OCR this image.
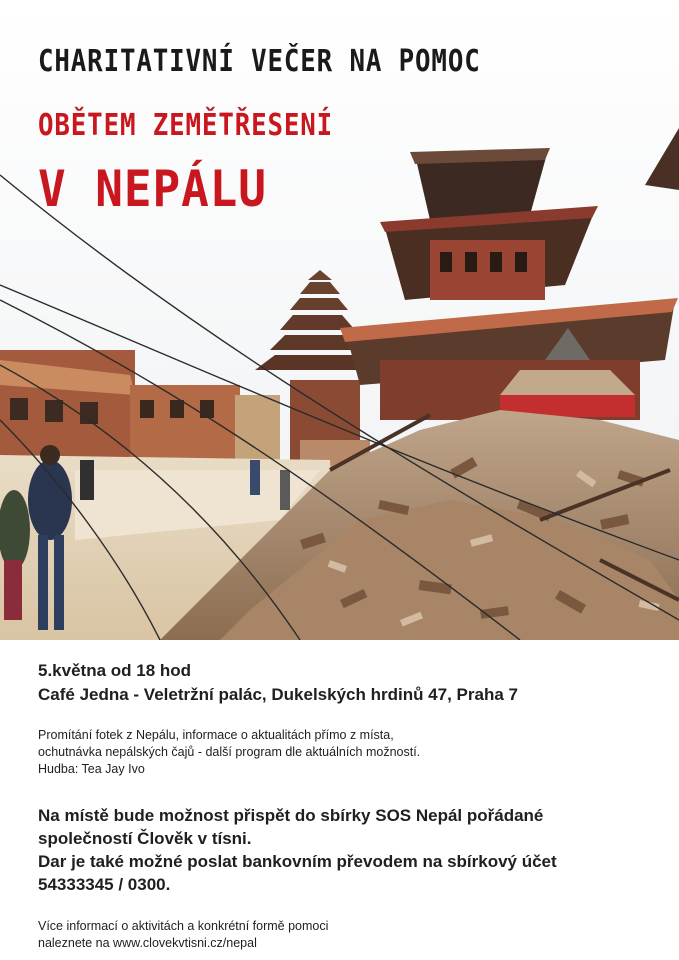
CHARITATIVNÍ VEČER NA POMOC
OBĚTEM ZEMĚTŘESENÍ
V NEPÁLU

5.května od 18 hod

Café Jedna - Veletržní palác, Dukelských hrdinů 47, Praha 7

Promítání fotek z Nepálu, informace o aktualitách přímo z místa,

ochutnávka nepálských čajů - další program dle aktuálních možností.

Hudba: Tea Jay Ivo

Na místě bude možnost přispět do sbírky SOS Nepál pořádané

společností Člověk v tísni.

Dar je také možné poslat bankovním převodem na sbírkový účet

54333345 / 0300.

Více informací o aktivitách a konkrétní formě pomoci

naleznete na www.clovekvtisni.cz/nepal
